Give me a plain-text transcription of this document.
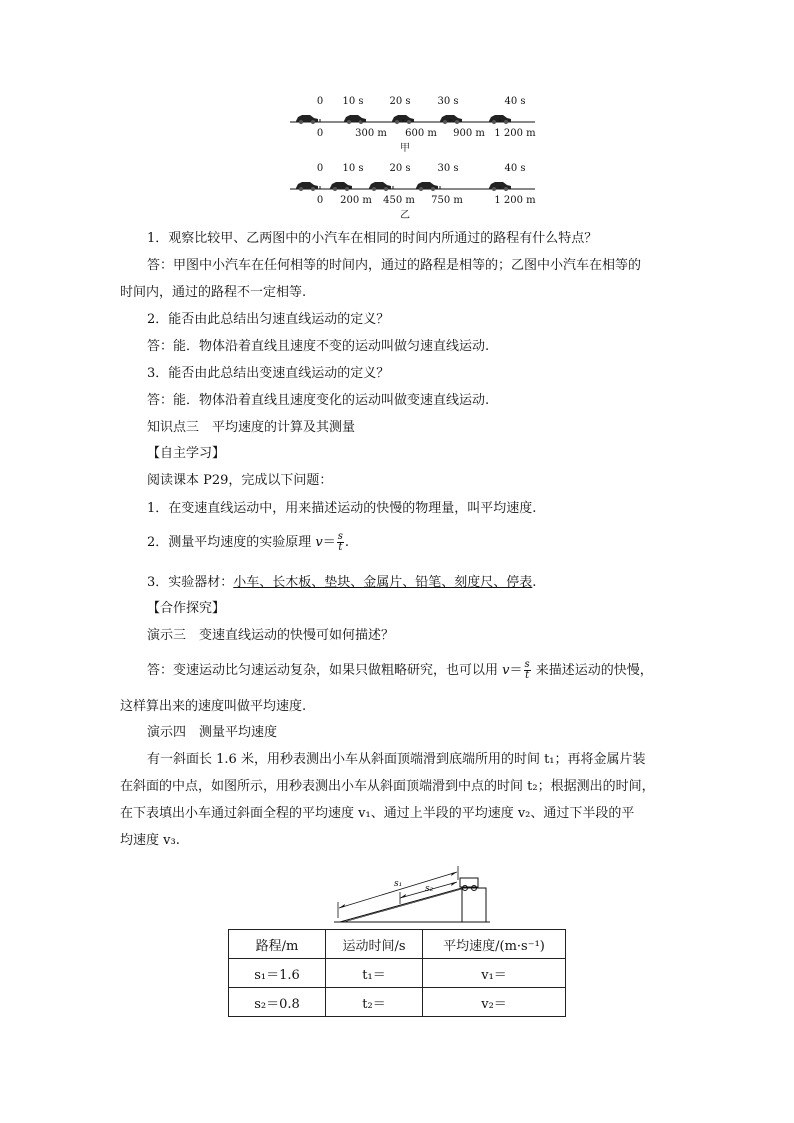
0 10 s	20 s	30 s	40 s
0	300 m 600 m 900 m 1 200 m
甲
0 10 s	20 s	30 s	40 s
0 200 m 450 m 750 m	1 200 m
乙
1．观察比较甲、乙两图中的小汽车在相同的时间内所通过的路程有什么特点？
答：甲图中小汽车在任何相等的时间内，通过的路程是相等的；乙图中小汽车在相等的
时间内，通过的路程不一定相等.
2．能否由此总结出匀速直线运动的定义？
答：能．物体沿着直线且速度不变的运动叫做匀速直线运动.
3．能否由此总结出变速直线运动的定义？
答：能．物体沿着直线且速度变化的运动叫做变速直线运动.
知识点三　平均速度的计算及其测量
【自主学习】
阅读课本 P29，完成以下问题：
1．在变速直线运动中，用来描述运动的快慢的物理量，叫平均速度.
2．测量平均速度的实验原理 $v= \frac{s}{t}$ .
3．实验器材：小车、长木板、垫块、金属片、铅笔、刻度尺、停表.
【合作探究】
演示三　变速直线运动的快慢可如何描述？
答：变速运动比匀速运动复杂，如果只做粗略研究，也可以用 $v= \frac{s}{t}$ 来描述运动的快慢，
这样算出来的速度叫做平均速度.
演示四　测量平均速度
有一斜面长 1.6 米，用秒表测出小车从斜面顶端滑到底端所用的时间 t₁；再将金属片装
在斜面的中点，如图所示，用秒表测出小车从斜面顶端滑到中点的时间 t₂；根据测出的时间，
在下表填出小车通过斜面全程的平均速度 v₁、通过上半段的平均速度 v₂、通过下半段的平
均速度 v₃.
s₁	s₂
路程/m	运动时间/s	平均速度/(m·s⁻¹)
s₁＝1.6	t₁＝	v₁＝
s₂＝0.8	t₂＝	v₂＝
